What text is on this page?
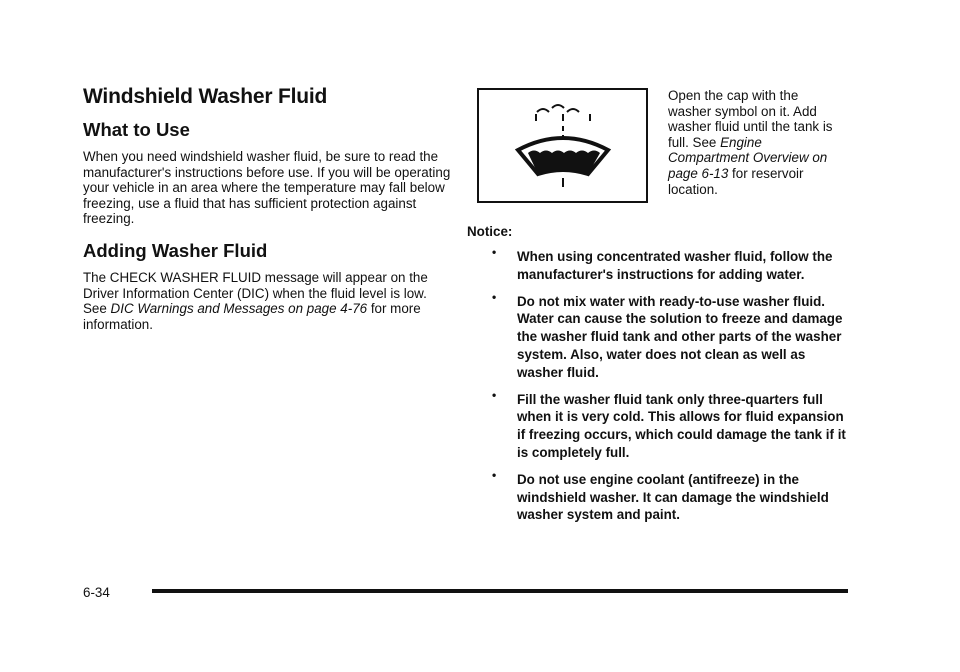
Windshield Washer Fluid
What to Use

When you need windshield washer fluid, be sure to read the manufacturer's instructions before use. If you will be operating your vehicle in an area where the temperature may fall below freezing, use a fluid that has sufficient protection against freezing.

Adding Washer Fluid

The CHECK WASHER FLUID message will appear on the Driver Information Center (DIC) when the fluid level is low. See DIC Warnings and Messages on page 4-76 for more information.

Open the cap with the washer symbol on it. Add washer fluid until the tank is full. See Engine Compartment Overview on page 6-13 for reservoir location.
Notice:
• When using concentrated washer fluid, follow the manufacturer's instructions for adding water.
• Do not mix water with ready-to-use washer fluid. Water can cause the solution to freeze and damage the washer fluid tank and other parts of the washer system. Also, water does not clean as well as washer fluid.
• Fill the washer fluid tank only three-quarters full when it is very cold. This allows for fluid expansion if freezing occurs, which could damage the tank if it is completely full.
• Do not use engine coolant (antifreeze) in the windshield washer. It can damage the windshield washer system and paint.
6-34
